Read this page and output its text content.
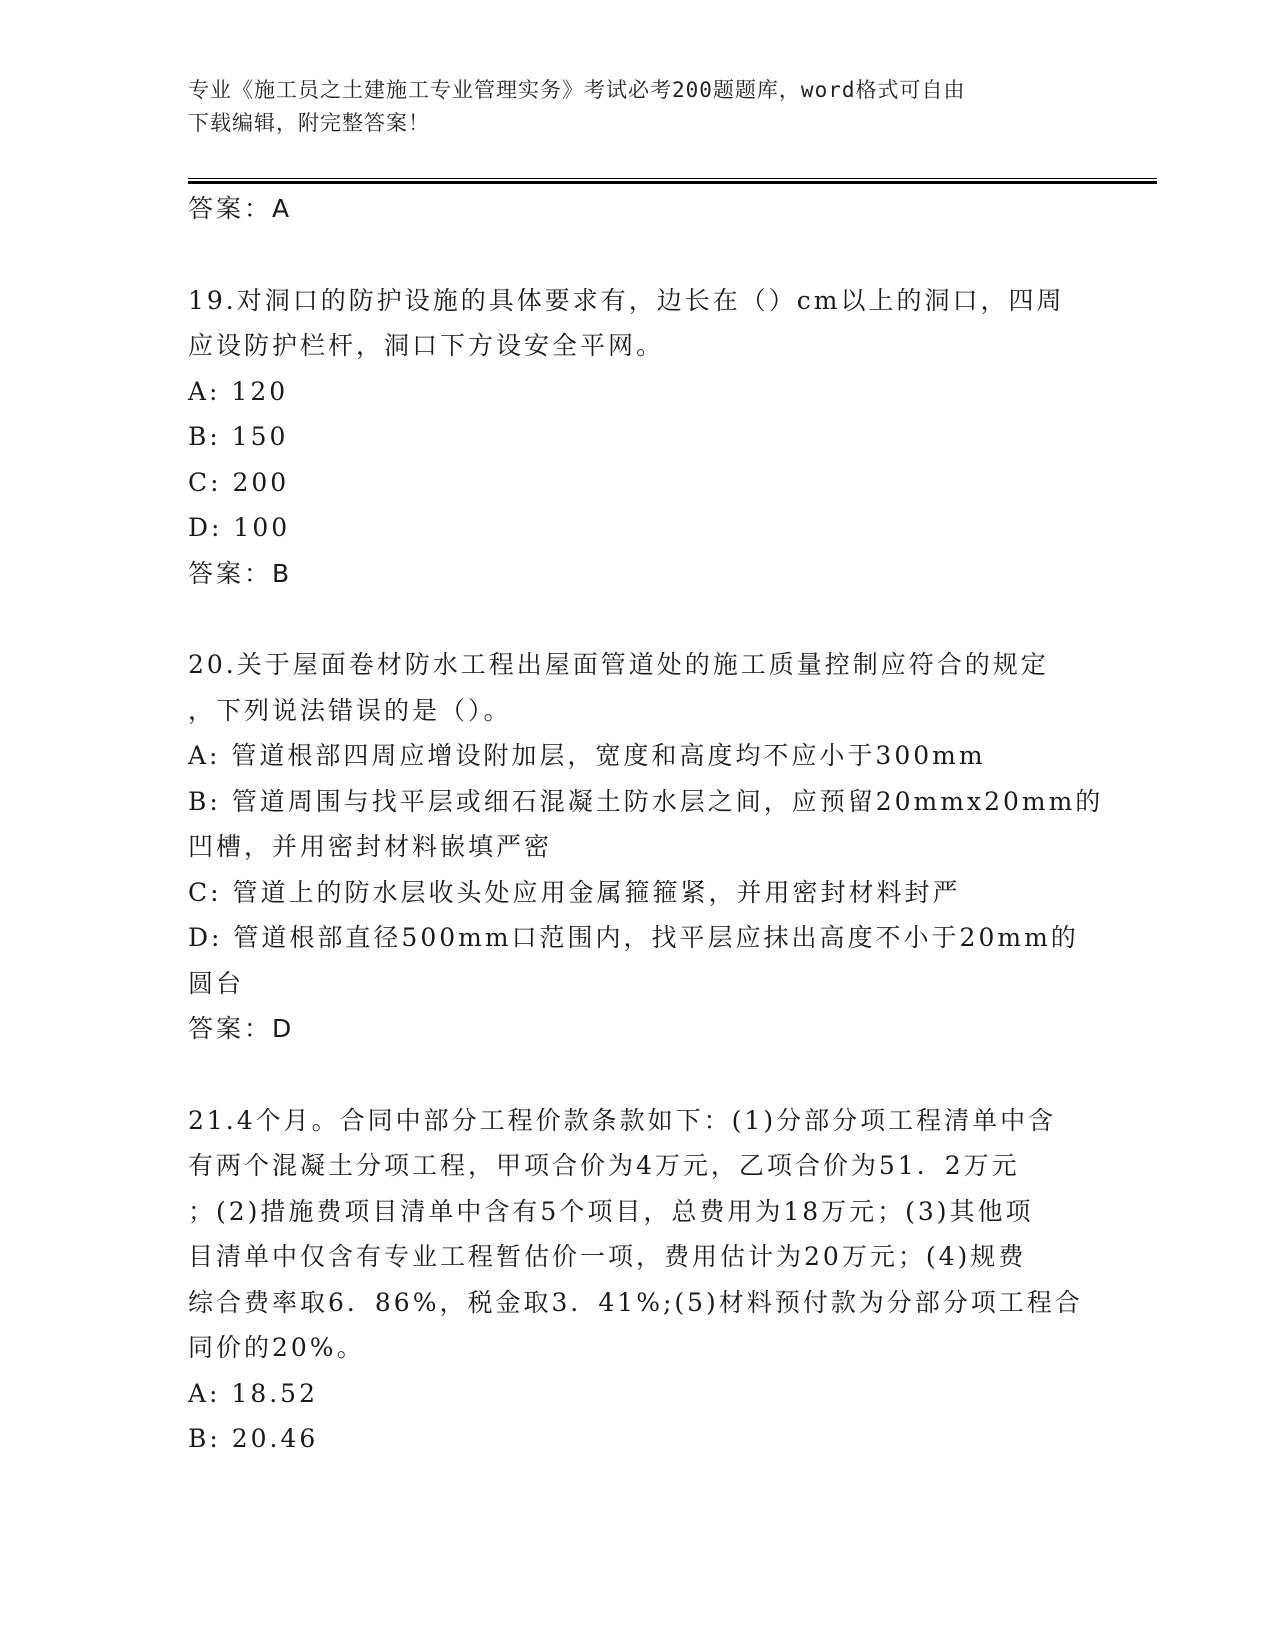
专业《施工员之土建施工专业管理实务》考试必考200题题库，word格式可自由
下载编辑，附完整答案！
答案：A
19.对洞口的防护设施的具体要求有，边长在（）cm以上的洞口，四周
应设防护栏杆，洞口下方设安全平网。
A: 120
B: 150
C: 200
D: 100
答案：B
20.关于屋面卷材防水工程出屋面管道处的施工质量控制应符合的规定
，下列说法错误的是（）。
A: 管道根部四周应增设附加层，宽度和高度均不应小于300mm
B: 管道周围与找平层或细石混凝土防水层之间，应预留20mmx20mm的
凹槽，并用密封材料嵌填严密
C: 管道上的防水层收头处应用金属箍箍紧，并用密封材料封严
D: 管道根部直径500mm口范围内，找平层应抹出高度不小于20mm的
圆台
答案：D
21.4个月。合同中部分工程价款条款如下：(1)分部分项工程清单中含
有两个混凝土分项工程，甲项合价为4万元，乙项合价为51．2万元
；(2)措施费项目清单中含有5个项目，总费用为18万元；(3)其他项
目清单中仅含有专业工程暂估价一项，费用估计为20万元；(4)规费
综合费率取6．86%，税金取3．41%;(5)材料预付款为分部分项工程合
同价的20%。
A: 18.52
B: 20.46
